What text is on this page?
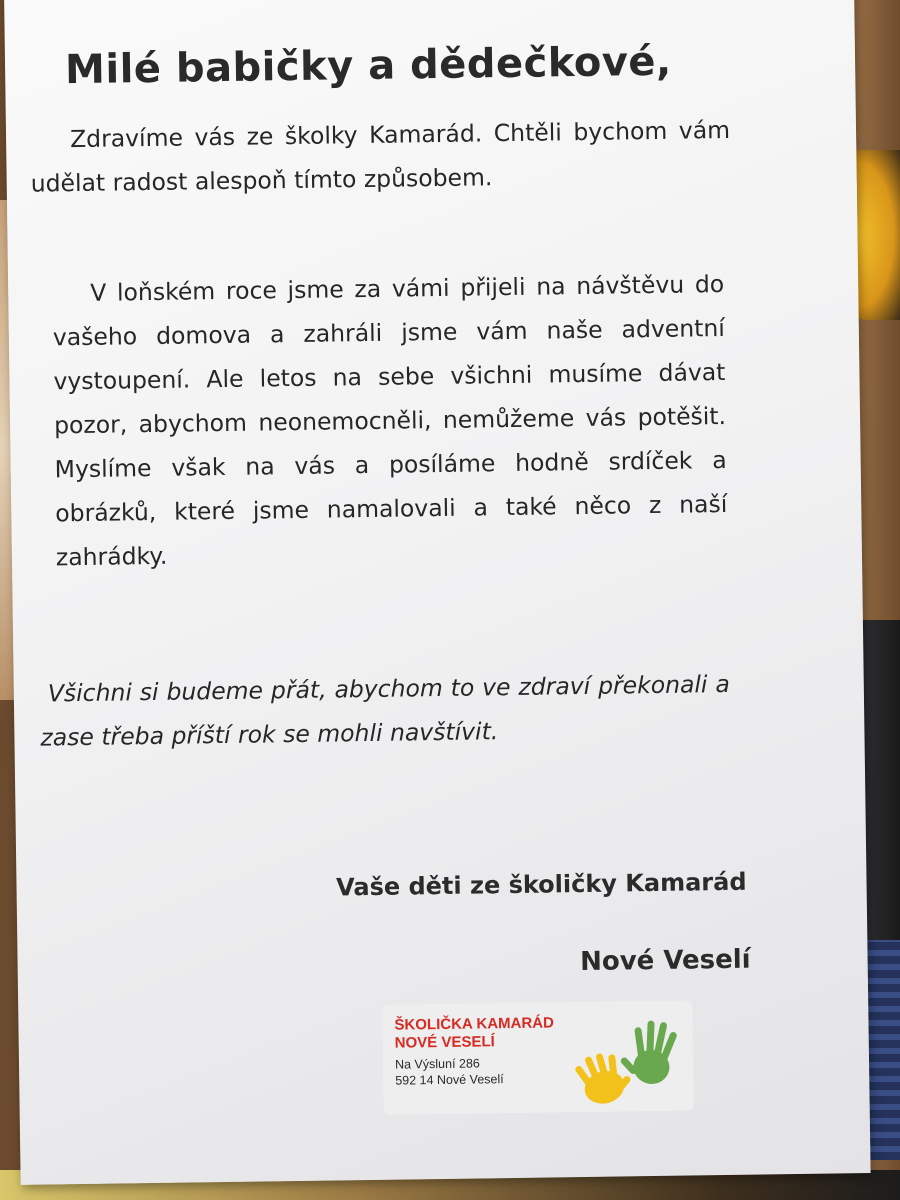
Milé babičky a dědečkové,
Zdravíme vás ze školky Kamarád. Chtěli bychom vám udělat radost alespoň tímto způsobem.
V loňském roce jsme za vámi přijeli na návštěvu do vašeho domova a zahráli jsme vám naše adventní vystoupení. Ale letos na sebe všichni musíme dávat pozor, abychom neonemocněli, nemůžeme vás potěšit. Myslíme však na vás a posíláme hodně srdíček a obrázků, které jsme namalovali a také něco z naší zahrádky.
Všichni si budeme přát, abychom to ve zdraví překonali a zase třeba příští rok se mohli navštívit.
Vaše děti ze školičky Kamarád
Nové Veselí
ŠKOLIČKA KAMARÁD
NOVÉ VESELÍ
Na Výsluní 286
592 14 Nové Veselí
